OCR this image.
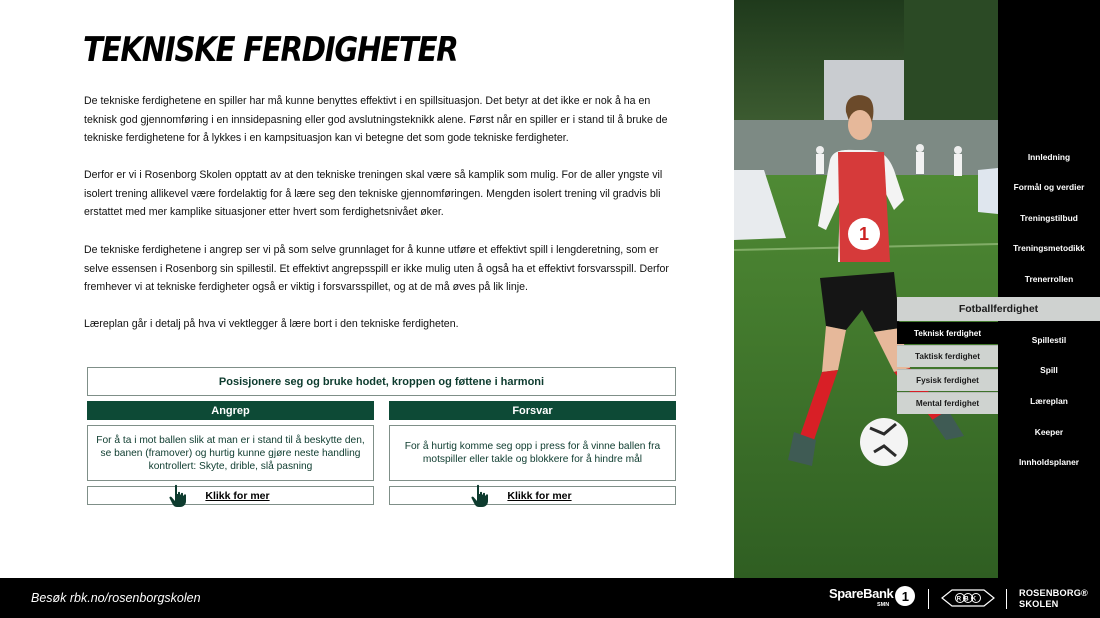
TEKNISKE FERDIGHETER

De tekniske ferdighetene en spiller har må kunne benyttes effektivt i en spillsituasjon. Det betyr at det ikke er nok å ha en teknisk god gjennomføring i en innsidepasning eller god avslutningsteknikk alene. Først når en spiller er i stand til å bruke de tekniske ferdighetene for å lykkes i en kampsituasjon kan vi betegne det som gode tekniske ferdigheter.

Derfor er vi i Rosenborg Skolen opptatt av at den tekniske treningen skal være så kamplik som mulig. For de aller yngste vil isolert trening allikevel være fordelaktig for å lære seg den tekniske gjennomføringen. Mengden isolert trening vil gradvis bli erstattet med mer kamplike situasjoner etter hvert som ferdighetsnivået øker.

De tekniske ferdighetene i angrep ser vi på som selve grunnlaget for å kunne utføre et effektivt spill i lengderetning, som er selve essensen i Rosenborg sin spillestil. Et effektivt angrepsspill er ikke mulig uten å også ha et effektivt forsvarsspill. Derfor fremhever vi at tekniske ferdigheter også er viktig i forsvarsspillet, og at de må øves på lik linje.

Læreplan går i detalj på hva vi vektlegger å lære bort i den tekniske ferdigheten.

Posisjonere seg og bruke hodet, kroppen og føttene i harmoni
Angrep
For å ta i mot ballen slik at man er i stand til å beskytte den, se banen (framover) og hurtig kunne gjøre neste handling kontrollert: Skyte, drible, slå pasning
Klikk for mer
Forsvar
For å hurtig komme seg opp i press for å vinne ballen fra motspiller eller takle og blokkere for å hindre mål
Klikk for mer
1
Innledning
Formål og verdier
Treningstilbud
Treningsmetodikk
Trenerrollen
Fotballferdighet
Teknisk ferdighet
Taktisk ferdighet
Fysisk ferdighet
Mental ferdighet
Spillestil
Spill
Læreplan
Keeper
Innholdsplaner
Besøk rbk.no/rosenborgskolen	SpareBank 1
SMN
RBK
ROSENBORG®
SKOLEN
